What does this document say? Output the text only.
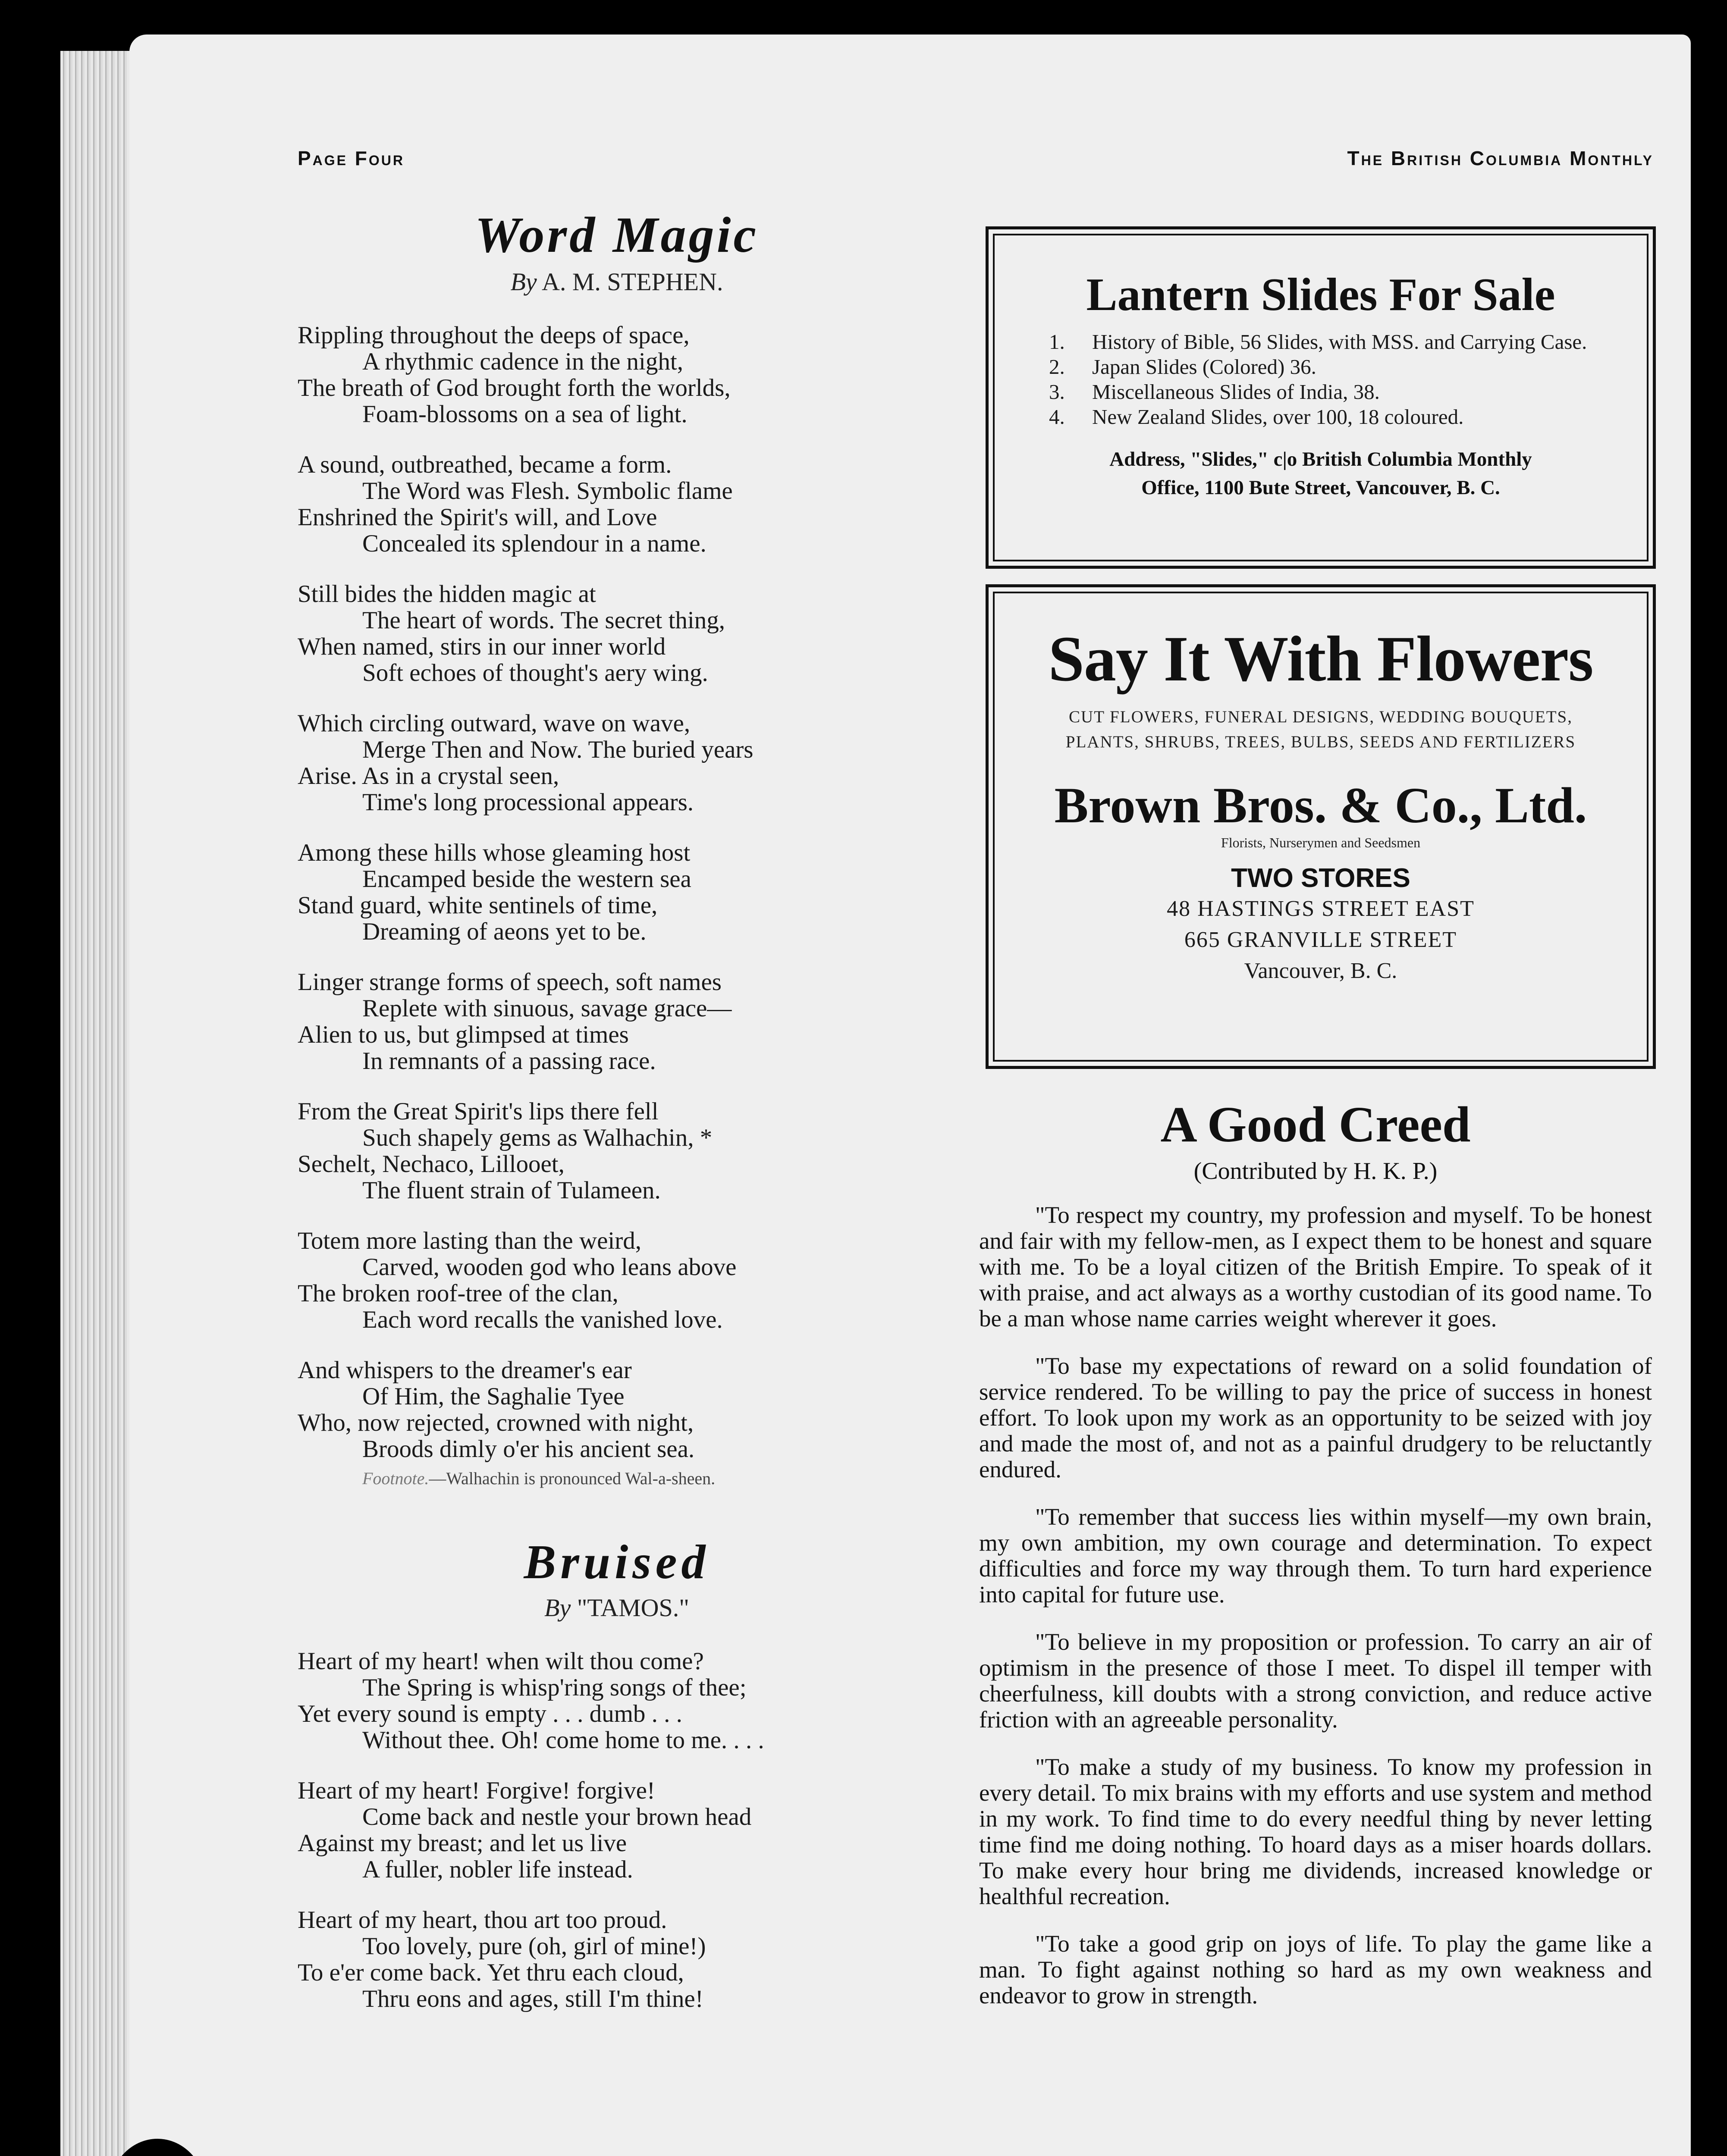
Page Four	The British Columbia Monthly
Word Magic

By A. M. STEPHEN.

Rippling throughout the deeps of space,
A rhythmic cadence in the night,
The breath of God brought forth the worlds,
Foam-blossoms on a sea of light.
A sound, outbreathed, became a form.
The Word was Flesh. Symbolic flame
Enshrined the Spirit's will, and Love
Concealed its splendour in a name.
Still bides the hidden magic at
The heart of words. The secret thing,
When named, stirs in our inner world
Soft echoes of thought's aery wing.
Which circling outward, wave on wave,
Merge Then and Now. The buried years
Arise. As in a crystal seen,
Time's long processional appears.
Among these hills whose gleaming host
Encamped beside the western sea
Stand guard, white sentinels of time,
Dreaming of aeons yet to be.
Linger strange forms of speech, soft names
Replete with sinuous, savage grace—
Alien to us, but glimpsed at times
In remnants of a passing race.
From the Great Spirit's lips there fell
Such shapely gems as Walhachin, *
Sechelt, Nechaco, Lillooet,
The fluent strain of Tulameen.
Totem more lasting than the weird,
Carved, wooden god who leans above
The broken roof-tree of the clan,
Each word recalls the vanished love.
And whispers to the dreamer's ear
Of Him, the Saghalie Tyee
Who, now rejected, crowned with night,
Broods dimly o'er his ancient sea.

Footnote.—Walhachin is pronounced Wal-a-sheen.

Bruised

By "TAMOS."

Heart of my heart! when wilt thou come?
The Spring is whisp'ring songs of thee;
Yet every sound is empty . . . dumb . . .
Without thee. Oh! come home to me. . . .
Heart of my heart! Forgive! forgive!
Come back and nestle your brown head
Against my breast; and let us live
A fuller, nobler life instead.
Heart of my heart, thou art too proud.
Too lovely, pure (oh, girl of mine!)
To e'er come back. Yet thru each cloud,
Thru eons and ages, still I'm thine!
Lantern Slides For Sale
1.	History of Bible, 56 Slides, with MSS. and Carrying Case.
2.	Japan Slides (Colored) 36.
3.	Miscellaneous Slides of India, 38.
4.	New Zealand Slides, over 100, 18 coloured.

Address, "Slides," c|o British Columbia Monthly
Office, 1100 Bute Street, Vancouver, B. C.

Say It With Flowers

CUT FLOWERS, FUNERAL DESIGNS, WEDDING BOUQUETS, PLANTS, SHRUBS, TREES, BULBS, SEEDS AND FERTILIZERS

Brown Bros. & Co., Ltd.

Florists, Nurserymen and Seedsmen

TWO STORES

48 HASTINGS STREET EAST

665 GRANVILLE STREET

Vancouver, B. C.

A Good Creed

(Contributed by H. K. P.)

"To respect my country, my profession and myself. To be honest and fair with my fellow-men, as I expect them to be honest and square with me. To be a loyal citizen of the British Empire. To speak of it with praise, and act always as a worthy custodian of its good name. To be a man whose name carries weight wherever it goes.

"To base my expectations of reward on a solid foundation of service rendered. To be willing to pay the price of success in honest effort. To look upon my work as an opportunity to be seized with joy and made the most of, and not as a painful drudgery to be reluctantly endured.

"To remember that success lies within myself—my own brain, my own ambition, my own courage and determination. To expect difficulties and force my way through them. To turn hard experience into capital for future use.

"To believe in my proposition or profession. To carry an air of optimism in the presence of those I meet. To dispel ill temper with cheerfulness, kill doubts with a strong conviction, and reduce active friction with an agreeable personality.

"To make a study of my business. To know my profession in every detail. To mix brains with my efforts and use system and method in my work. To find time to do every needful thing by never letting time find me doing nothing. To hoard days as a miser hoards dollars. To make every hour bring me dividends, increased knowledge or healthful recreation.

"To take a good grip on joys of life. To play the game like a man. To fight against nothing so hard as my own weakness and endeavor to grow in strength.
